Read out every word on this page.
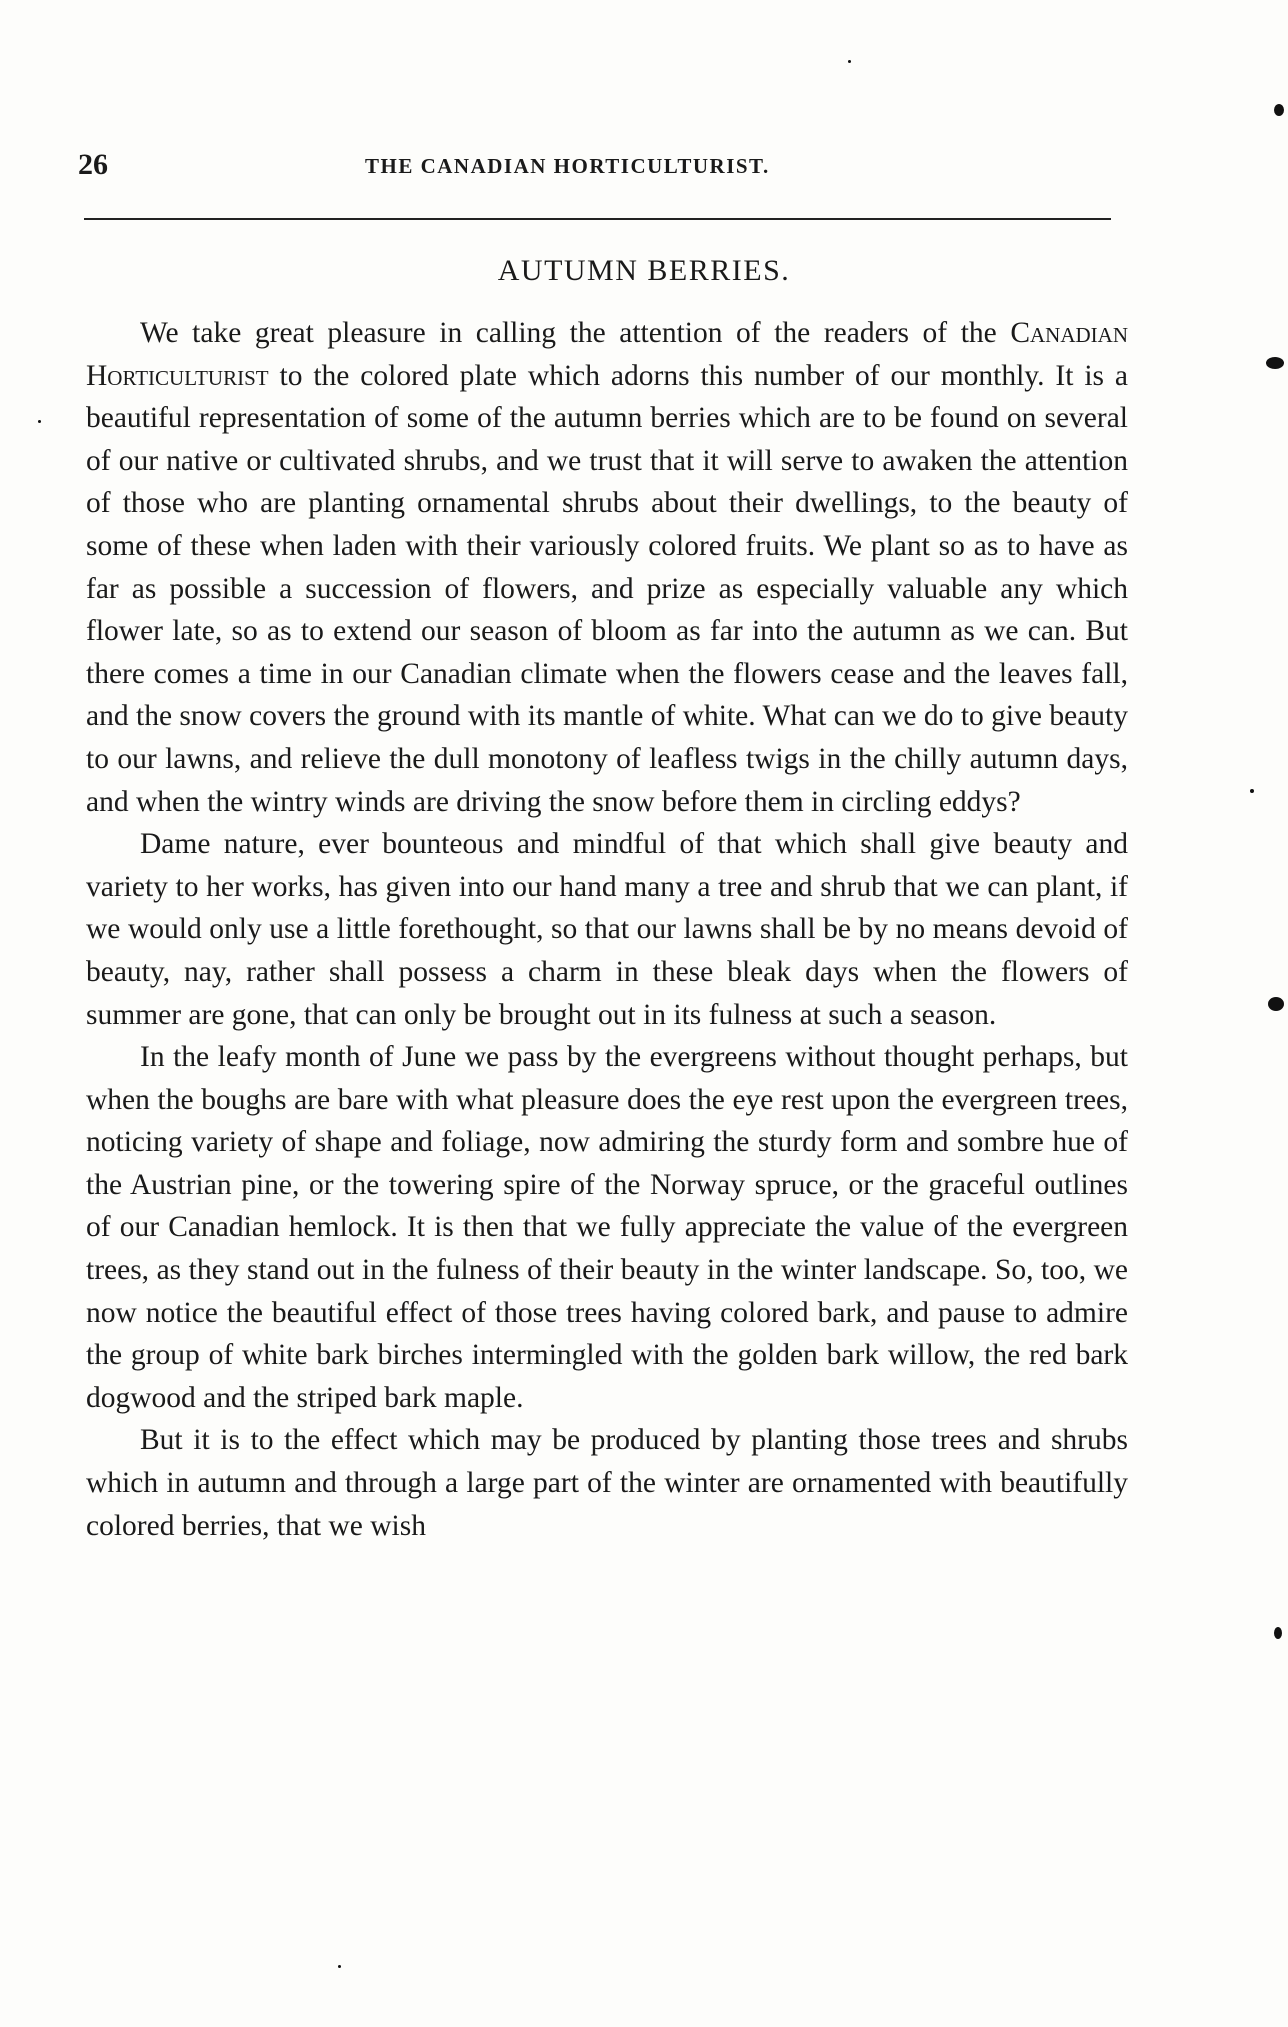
26	THE CANADIAN HORTICULTURIST.
AUTUMN BERRIES.

We take great pleasure in calling the attention of the readers of the Canadian Horticulturist to the colored plate which adorns this number of our monthly. It is a beautiful representation of some of the autumn berries which are to be found on several of our native or cultivated shrubs, and we trust that it will serve to awaken the attention of those who are planting ornamental shrubs about their dwellings, to the beauty of some of these when laden with their variously colored fruits. We plant so as to have as far as possible a succession of flowers, and prize as especially valuable any which flower late, so as to extend our season of bloom as far into the autumn as we can. But there comes a time in our Canadian climate when the flowers cease and the leaves fall, and the snow covers the ground with its mantle of white. What can we do to give beauty to our lawns, and relieve the dull monotony of leafless twigs in the chilly autumn days, and when the wintry winds are driving the snow before them in circling eddys?

Dame nature, ever bounteous and mindful of that which shall give beauty and variety to her works, has given into our hand many a tree and shrub that we can plant, if we would only use a little forethought, so that our lawns shall be by no means devoid of beauty, nay, rather shall possess a charm in these bleak days when the flowers of summer are gone, that can only be brought out in its fulness at such a season.

In the leafy month of June we pass by the evergreens without thought perhaps, but when the boughs are bare with what pleasure does the eye rest upon the evergreen trees, noticing variety of shape and foliage, now admiring the sturdy form and sombre hue of the Austrian pine, or the towering spire of the Norway spruce, or the graceful outlines of our Canadian hemlock. It is then that we fully appreciate the value of the evergreen trees, as they stand out in the fulness of their beauty in the winter landscape. So, too, we now notice the beautiful effect of those trees having colored bark, and pause to admire the group of white bark birches intermingled with the golden bark willow, the red bark dogwood and the striped bark maple.

But it is to the effect which may be produced by planting those trees and shrubs which in autumn and through a large part of the winter are ornamented with beautifully colored berries, that we wish
